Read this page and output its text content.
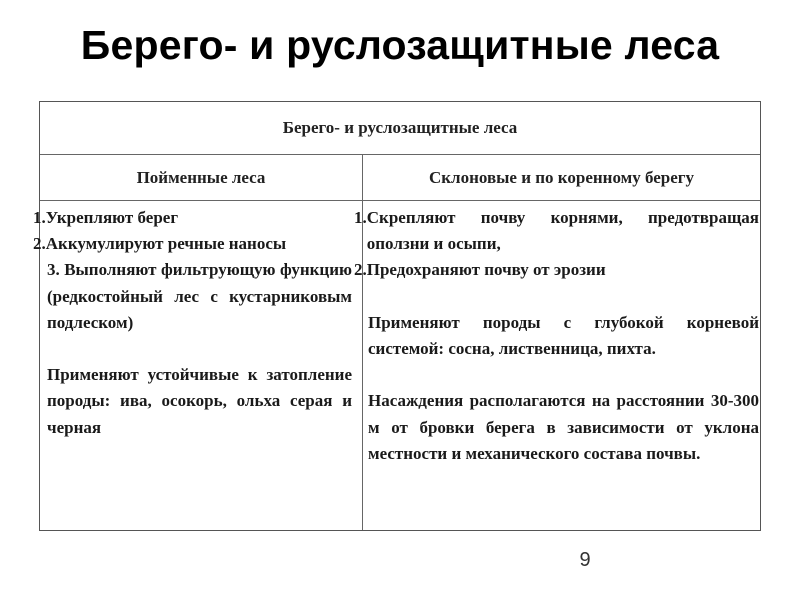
Берего- и руслозащитные леса
Берего- и руслозащитные леса
Пойменные леса	Склоновые и по коренному берегу
1. Укрепляют берег
2. Аккумулируют речные наносы
3. Выполняют фильтрующую функцию (редкостойный лес с кустарниковым подлеском)
Применяют устойчивые к затопление породы: ива, осокорь, ольха серая и черная
1. Скрепляют почву корнями, предотвращая оползни и осыпи,
2. Предохраняют почву от эрозии
Применяют породы с глубокой корневой системой: сосна, лиственница, пихта.
Насаждения располагаются на расстоянии 30-300 м от бровки берега в зависимости от уклона местности и механического состава почвы.
9
